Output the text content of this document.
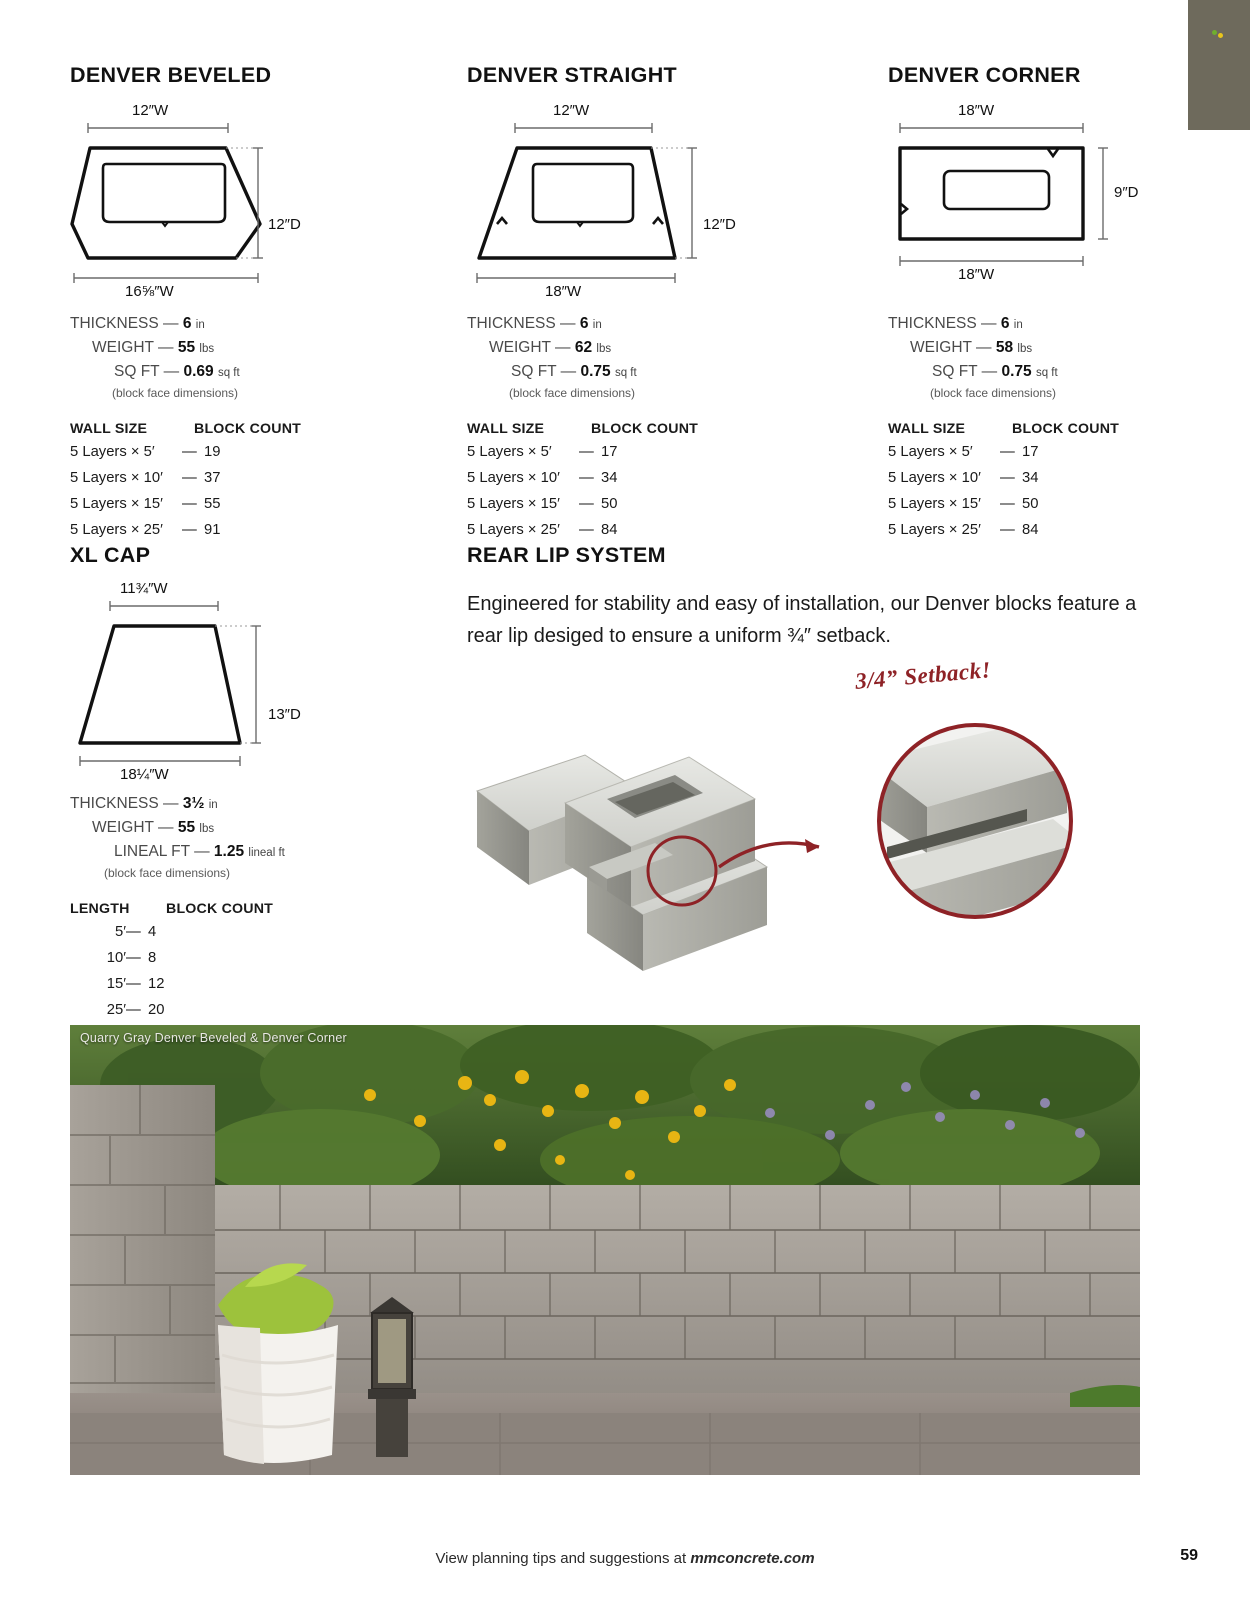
DENVER BEVELED
12″W
12″D
16⅝″W
THICKNESS — 6 in
WEIGHT — 55 lbs
SQ FT — 0.69 sq ft
(block face dimensions)
WALL SIZE	BLOCK COUNT
5 Layers × 5′ — 19
5 Layers × 10′ — 37
5 Layers × 15′ — 55
5 Layers × 25′ — 91
DENVER STRAIGHT
12″W
12″D
18″W
THICKNESS — 6 in
WEIGHT — 62 lbs
SQ FT — 0.75 sq ft
(block face dimensions)
WALL SIZE	BLOCK COUNT
5 Layers × 5′ — 17
5 Layers × 10′ — 34
5 Layers × 15′ — 50
5 Layers × 25′ — 84
DENVER CORNER
18″W
9″D
18″W
THICKNESS — 6 in
WEIGHT — 58 lbs
SQ FT — 0.75 sq ft
(block face dimensions)
WALL SIZE	BLOCK COUNT
5 Layers × 5′ — 17
5 Layers × 10′ — 34
5 Layers × 15′ — 50
5 Layers × 25′ — 84
XL CAP
11¾″W
13″D
18¼″W
THICKNESS — 3½ in
WEIGHT — 55 lbs
LINEAL FT — 1.25 lineal ft
(block face dimensions)
LENGTH	BLOCK COUNT
5′— 4
10′— 8
15′— 12
25′— 20
REAR LIP SYSTEM
Engineered for stability and easy of installation, our Denver blocks feature a rear lip desiged to ensure a uniform ¾″ setback.
3/4” Setback!
Quarry Gray Denver Beveled & Denver Corner
View planning tips and suggestions at mmconcrete.com	59
